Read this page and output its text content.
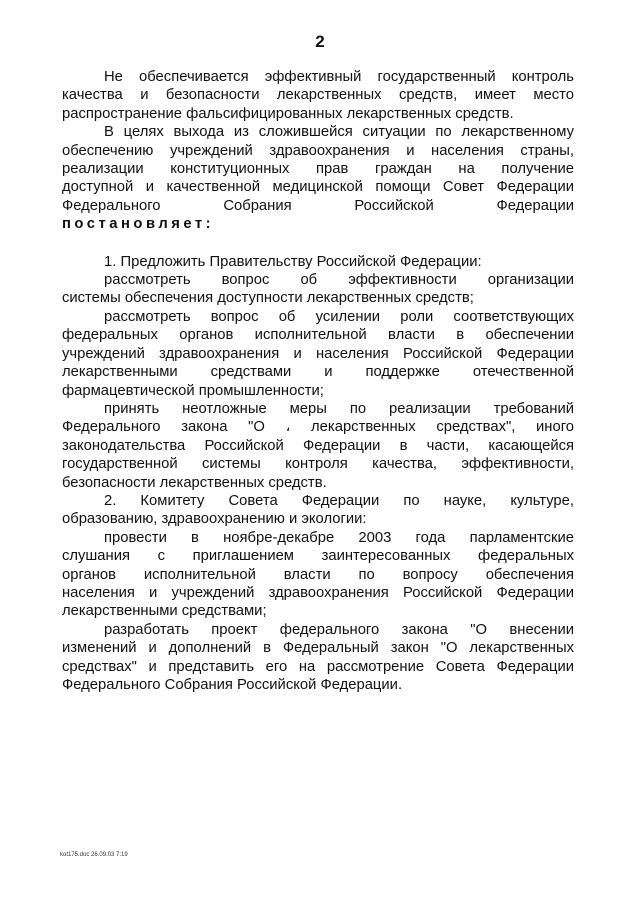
2
Не обеспечивается эффективный государственный контроль
качества и безопасности лекарственных средств, имеет место
распространение фальсифицированных лекарственных средств.
В целях выхода из сложившейся ситуации по лекарственному
обеспечению учреждений здравоохранения и населения страны,
реализации конституционных прав граждан на получение
доступной и качественной медицинской помощи Совет Федерации
Федерального Собрания Российской Федерации
постановляет:
1. Предложить Правительству Российской Федерации:
рассмотреть вопрос об эффективности организации
системы обеспечения доступности лекарственных средств;
рассмотреть вопрос об усилении роли соответствующих
федеральных органов исполнительной власти в обеспечении
учреждений здравоохранения и населения Российской Федерации
лекарственными средствами и поддержке отечественной
фармацевтической промышленности;
принять неотложные меры по реализации требований
Федерального закона "О ، лекарственных средствах", иного
законодательства Российской Федерации в части, касающейся
государственной системы контроля качества, эффективности,
безопасности лекарственных средств.
2. Комитету Совета Федерации по науке, культуре,
образованию, здравоохранению и экологии:
провести в ноябре-декабре 2003 года парламентские
слушания с приглашением заинтересованных федеральных
органов исполнительной власти по вопросу обеспечения
населения и учреждений здравоохранения Российской Федерации
лекарственными средствами;
разработать проект федерального закона "О внесении
изменений и дополнений в Федеральный закон "О лекарственных
средствах" и представить его на рассмотрение Совета Федерации
Федерального Собрания Российской Федерации.
kot175.doc 26.09.03 7:19
